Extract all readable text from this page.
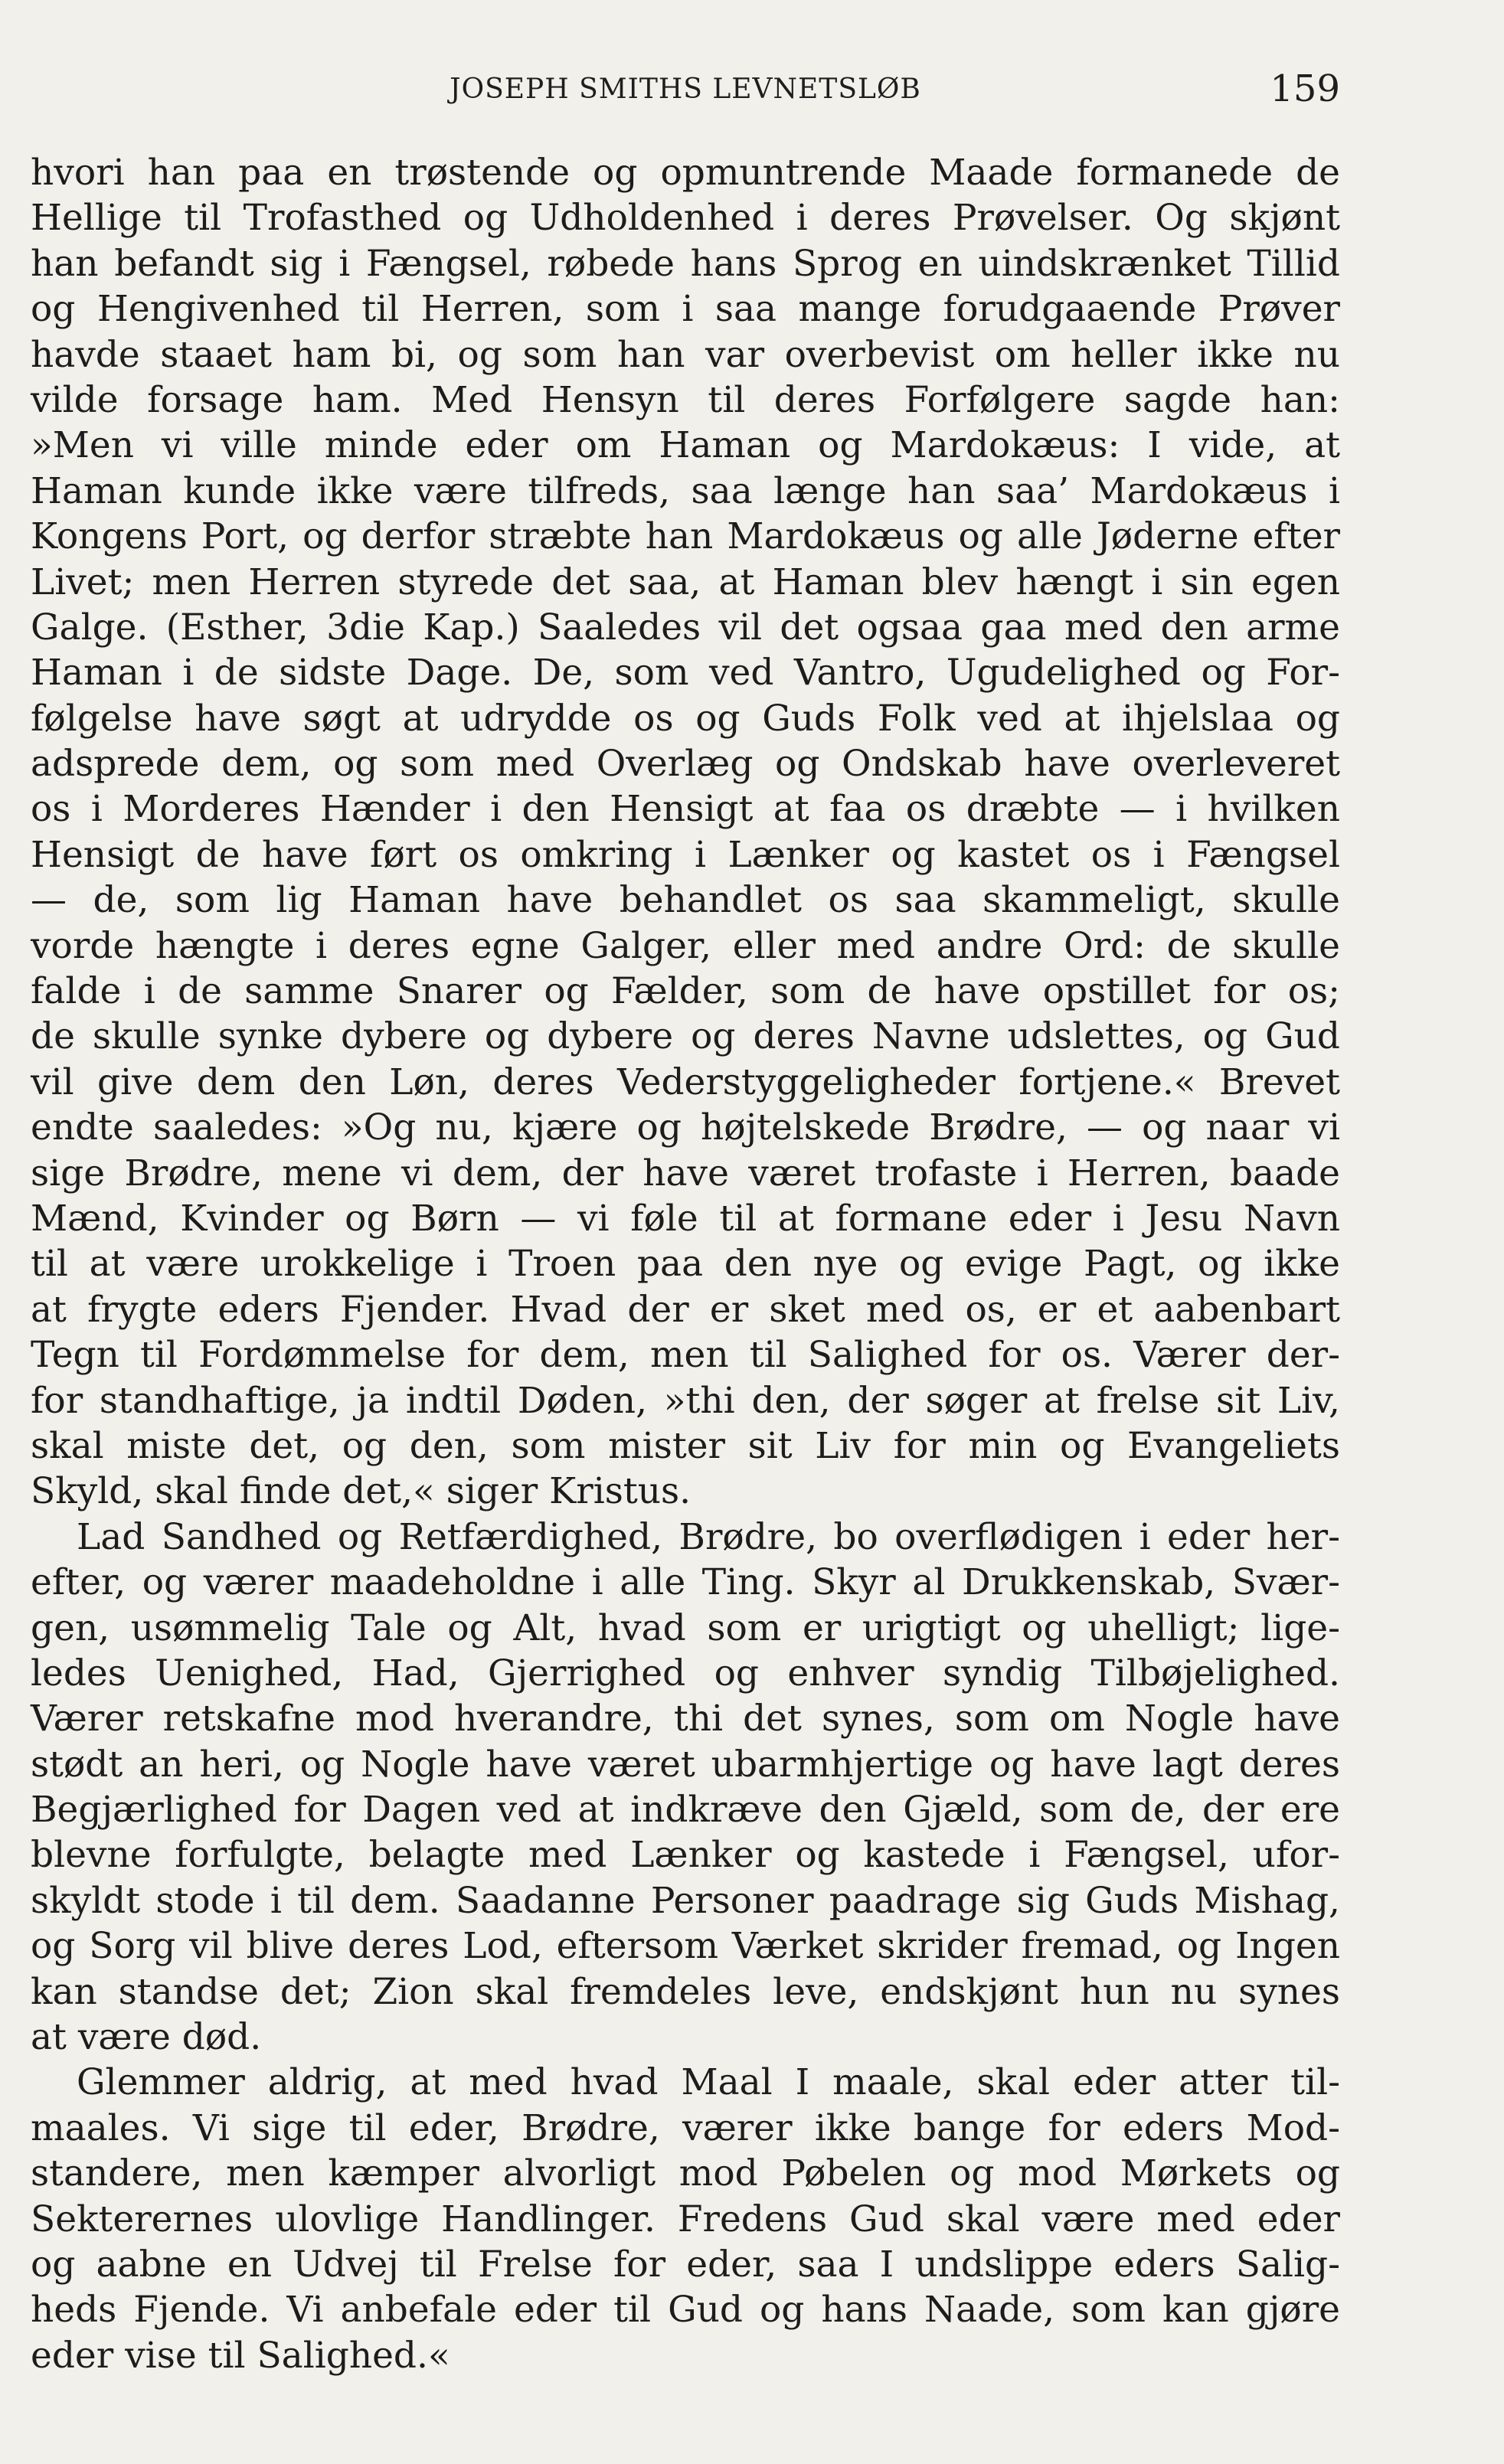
JOSEPH SMITHS LEVNETSLØB	159
hvori han paa en trøstende og opmuntrende Maade formanede de
Hellige til Trofasthed og Udholdenhed i deres Prøvelser. Og skjønt
han befandt sig i Fængsel, røbede hans Sprog en uindskrænket Tillid
og Hengivenhed til Herren, som i saa mange forudgaaende Prøver
havde staaet ham bi, og som han var overbevist om heller ikke nu
vilde forsage ham. Med Hensyn til deres Forfølgere sagde han:
»Men vi ville minde eder om Haman og Mardokæus: I vide, at
Haman kunde ikke være tilfreds, saa længe han saa’ Mardokæus i
Kongens Port, og derfor stræbte han Mardokæus og alle Jøderne efter
Livet; men Herren styrede det saa, at Haman blev hængt i sin egen
Galge. (Esther, 3die Kap.) Saaledes vil det ogsaa gaa med den arme
Haman i de sidste Dage. De, som ved Vantro, Ugudelighed og For-
følgelse have søgt at udrydde os og Guds Folk ved at ihjelslaa og
adsprede dem, og som med Overlæg og Ondskab have overleveret
os i Morderes Hænder i den Hensigt at faa os dræbte — i hvilken
Hensigt de have ført os omkring i Lænker og kastet os i Fængsel
— de, som lig Haman have behandlet os saa skammeligt, skulle
vorde hængte i deres egne Galger, eller med andre Ord: de skulle
falde i de samme Snarer og Fælder, som de have opstillet for os;
de skulle synke dybere og dybere og deres Navne udslettes, og Gud
vil give dem den Løn, deres Vederstyggeligheder fortjene.« Brevet
endte saaledes: »Og nu, kjære og højtelskede Brødre, — og naar vi
sige Brødre, mene vi dem, der have været trofaste i Herren, baade
Mænd, Kvinder og Børn — vi føle til at formane eder i Jesu Navn
til at være urokkelige i Troen paa den nye og evige Pagt, og ikke
at frygte eders Fjender. Hvad der er sket med os, er et aabenbart
Tegn til Fordømmelse for dem, men til Salighed for os. Værer der-
for standhaftige, ja indtil Døden, »thi den, der søger at frelse sit Liv,
skal miste det, og den, som mister sit Liv for min og Evangeliets
Skyld, skal finde det,« siger Kristus.
Lad Sandhed og Retfærdighed, Brødre, bo overflødigen i eder her-
efter, og værer maadeholdne i alle Ting. Skyr al Drukkenskab, Svær-
gen, usømmelig Tale og Alt, hvad som er urigtigt og uhelligt; lige-
ledes Uenighed, Had, Gjerrighed og enhver syndig Tilbøjelighed.
Værer retskafne mod hverandre, thi det synes, som om Nogle have
stødt an heri, og Nogle have været ubarmhjertige og have lagt deres
Begjærlighed for Dagen ved at indkræve den Gjæld, som de, der ere
blevne forfulgte, belagte med Lænker og kastede i Fængsel, ufor-
skyldt stode i til dem. Saadanne Personer paadrage sig Guds Mishag,
og Sorg vil blive deres Lod, eftersom Værket skrider fremad, og Ingen
kan standse det; Zion skal fremdeles leve, endskjønt hun nu synes
at være død.
Glemmer aldrig, at med hvad Maal I maale, skal eder atter til-
maales. Vi sige til eder, Brødre, værer ikke bange for eders Mod-
standere, men kæmper alvorligt mod Pøbelen og mod Mørkets og
Sekterernes ulovlige Handlinger. Fredens Gud skal være med eder
og aabne en Udvej til Frelse for eder, saa I undslippe eders Salig-
heds Fjende. Vi anbefale eder til Gud og hans Naade, som kan gjøre
eder vise til Salighed.«
